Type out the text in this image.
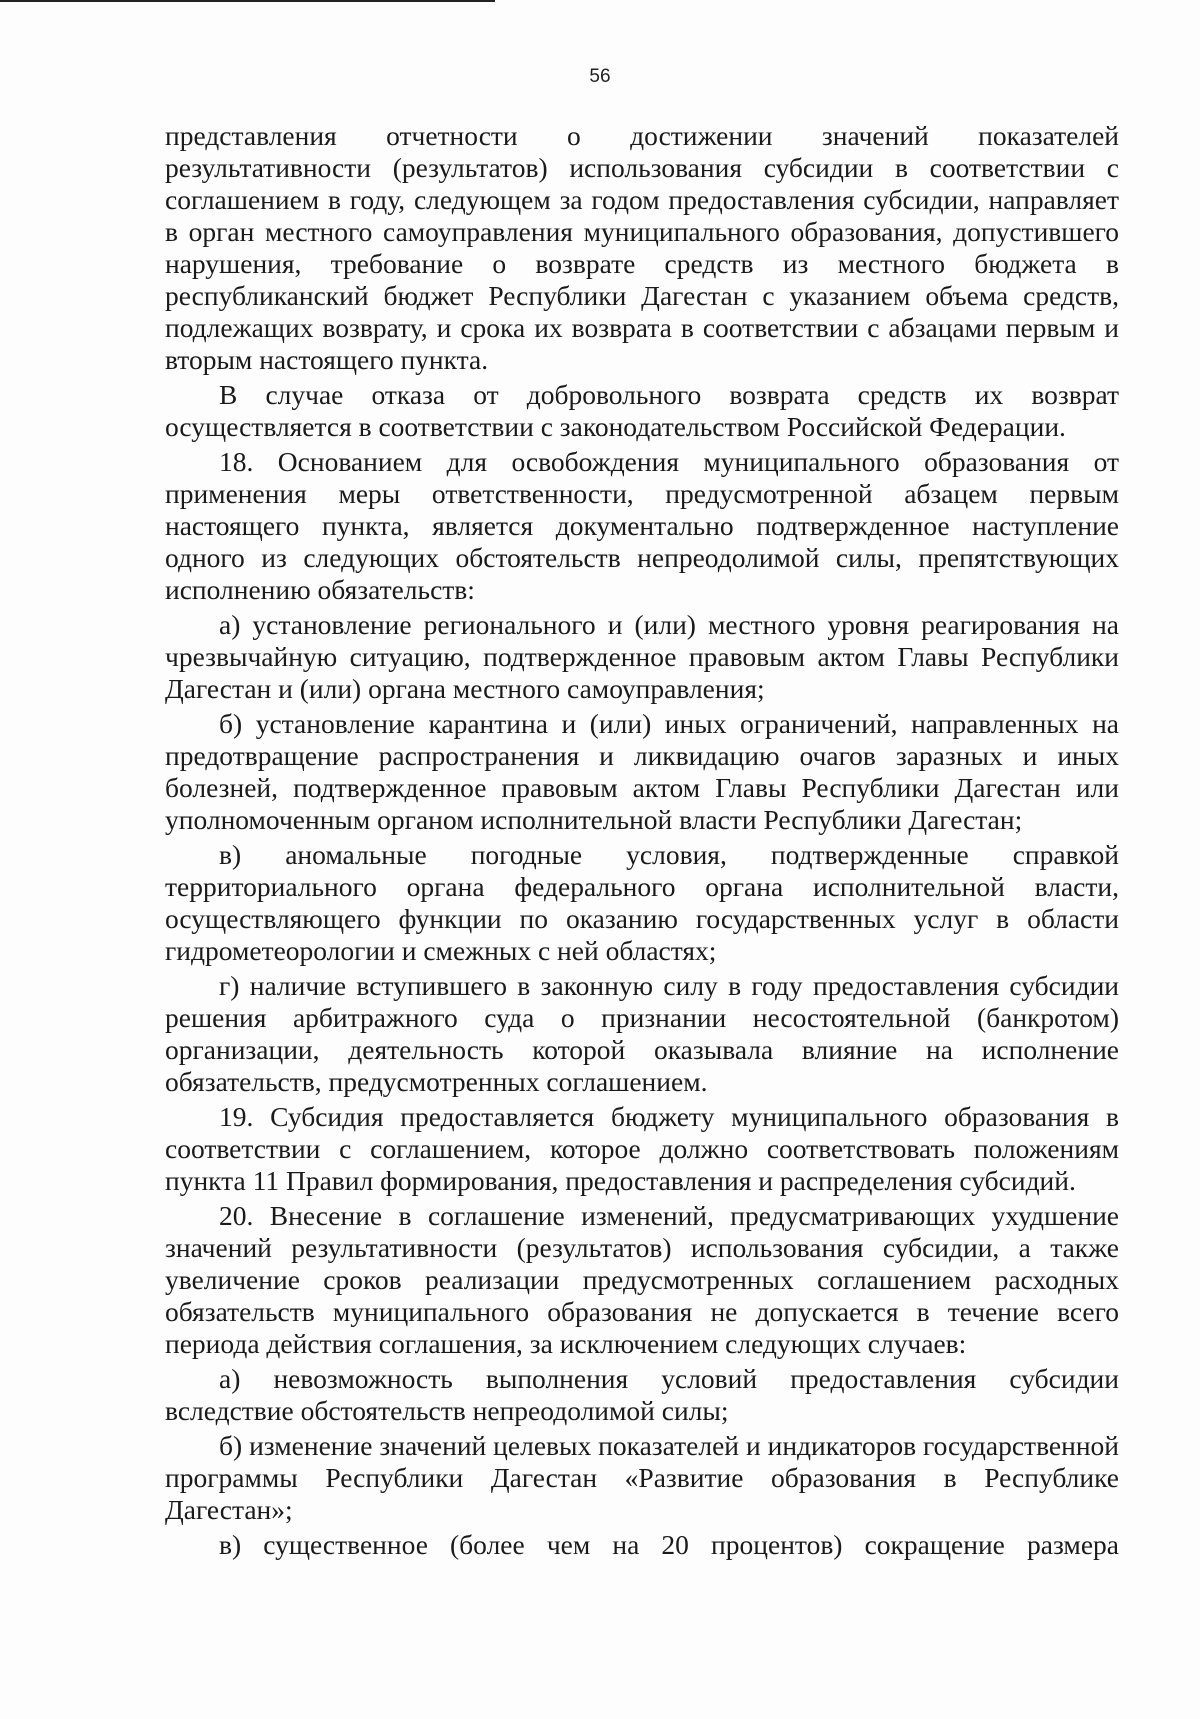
56

представления отчетности о достижении значений показателей результативности (результатов) использования субсидии в соответствии с соглашением в году, следующем за годом предоставления субсидии, направляет в орган местного самоуправления муниципального образования, допустившего нарушения, требование о возврате средств из местного бюджета в республиканский бюджет Республики Дагестан с указанием объема средств, подлежащих возврату, и срока их возврата в соответствии с абзацами первым и вторым настоящего пункта.

В случае отказа от добровольного возврата средств их возврат осуществляется в соответствии с законодательством Российской Федерации.

18. Основанием для освобождения муниципального образования от применения меры ответственности, предусмотренной абзацем первым настоящего пункта, является документально подтвержденное наступление одного из следующих обстоятельств непреодолимой силы, препятствующих исполнению обязательств:

а) установление регионального и (или) местного уровня реагирования на чрезвычайную ситуацию, подтвержденное правовым актом Главы Республики Дагестан и (или) органа местного самоуправления;

б) установление карантина и (или) иных ограничений, направленных на предотвращение распространения и ликвидацию очагов заразных и иных болезней, подтвержденное правовым актом Главы Республики Дагестан или уполномоченным органом исполнительной власти Республики Дагестан;

в) аномальные погодные условия, подтвержденные справкой территориального органа федерального органа исполнительной власти, осуществляющего функции по оказанию государственных услуг в области гидрометеорологии и смежных с ней областях;

г) наличие вступившего в законную силу в году предоставления субсидии решения арбитражного суда о признании несостоятельной (банкротом) организации, деятельность которой оказывала влияние на исполнение обязательств, предусмотренных соглашением.

19. Субсидия предоставляется бюджету муниципального образования в соответствии с соглашением, которое должно соответствовать положениям пункта 11 Правил формирования, предоставления и распределения субсидий.

20. Внесение в соглашение изменений, предусматривающих ухудшение значений результативности (результатов) использования субсидии, а также увеличение сроков реализации предусмотренных соглашением расходных обязательств муниципального образования не допускается в течение всего периода действия соглашения, за исключением следующих случаев:

а) невозможность выполнения условий предоставления субсидии вследствие обстоятельств непреодолимой силы;

б) изменение значений целевых показателей и индикаторов государственной программы Республики Дагестан «Развитие образования в Республике Дагестан»;

в) существенное (более чем на 20 процентов) сокращение размера
